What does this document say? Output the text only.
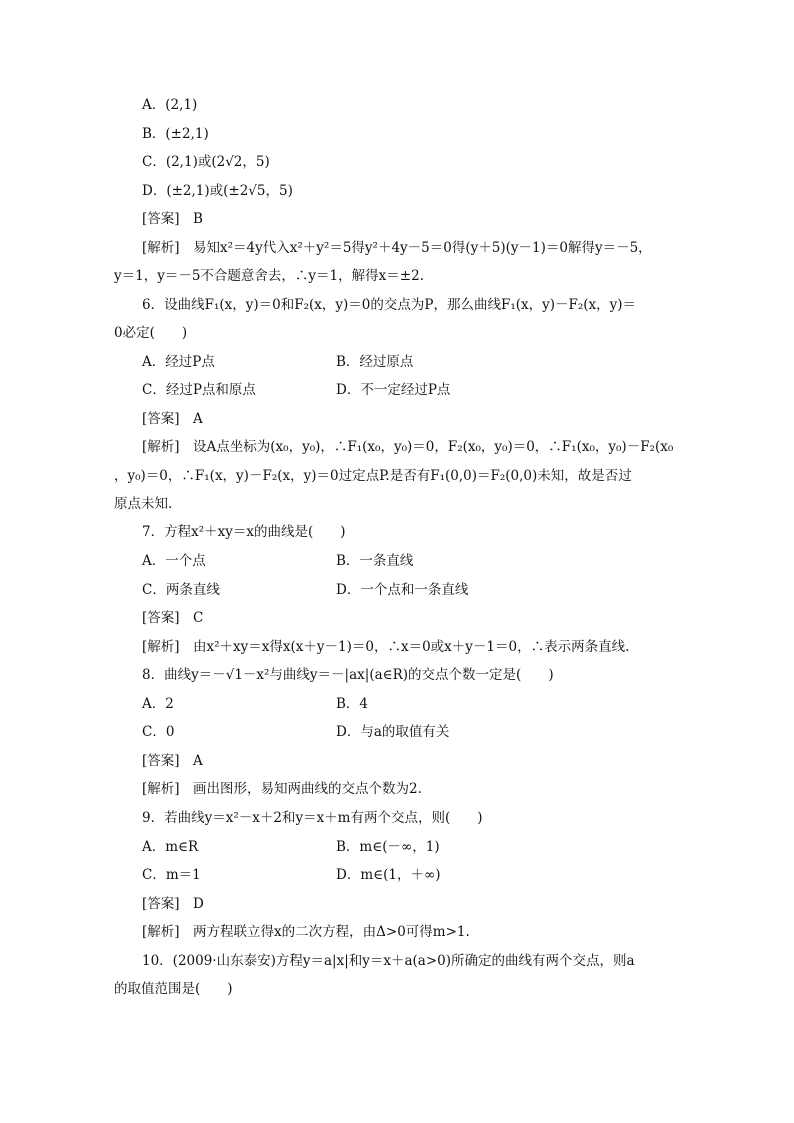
A．(2,1)
B．(±2,1)
C．(2,1)或(2√2，5)
D．(±2,1)或(±2√5，5)
[答案]　B
[解析]　易知x²＝4y代入x²＋y²＝5得y²＋4y－5＝0得(y＋5)(y－1)＝0解得y＝－5，
y＝1，y＝－5不合题意舍去，∴y＝1，解得x＝±2.
6．设曲线F₁(x，y)＝0和F₂(x，y)＝0的交点为P，那么曲线F₁(x，y)－F₂(x，y)＝
0必定(　　)
A．经过P点	B．经过原点
C．经过P点和原点	D．不一定经过P点
[答案]　A
[解析]　设A点坐标为(x₀，y₀)，∴F₁(x₀，y₀)＝0，F₂(x₀，y₀)＝0，∴F₁(x₀，y₀)－F₂(x₀
，y₀)＝0，∴F₁(x，y)－F₂(x，y)＝0过定点P.是否有F₁(0,0)＝F₂(0,0)未知，故是否过
原点未知.
7．方程x²＋xy＝x的曲线是(　　)
A．一个点	B．一条直线
C．两条直线	D．一个点和一条直线
[答案]　C
[解析]　由x²＋xy＝x得x(x＋y－1)＝0，∴x＝0或x＋y－1＝0，∴表示两条直线.
8．曲线y＝－√1－x²与曲线y＝－|ax|(a∈R)的交点个数一定是(　　)
A．2	B．4
C．0	D．与a的取值有关
[答案]　A
[解析]　画出图形，易知两曲线的交点个数为2.
9．若曲线y＝x²－x＋2和y＝x＋m有两个交点，则(　　)
A．m∈R	B．m∈(－∞，1)
C．m＝1	D．m∈(1，＋∞)
[答案]　D
[解析]　两方程联立得x的二次方程，由Δ>0可得m>1.
10．(2009·山东泰安)方程y＝a|x|和y＝x＋a(a>0)所确定的曲线有两个交点，则a
的取值范围是(　　)
